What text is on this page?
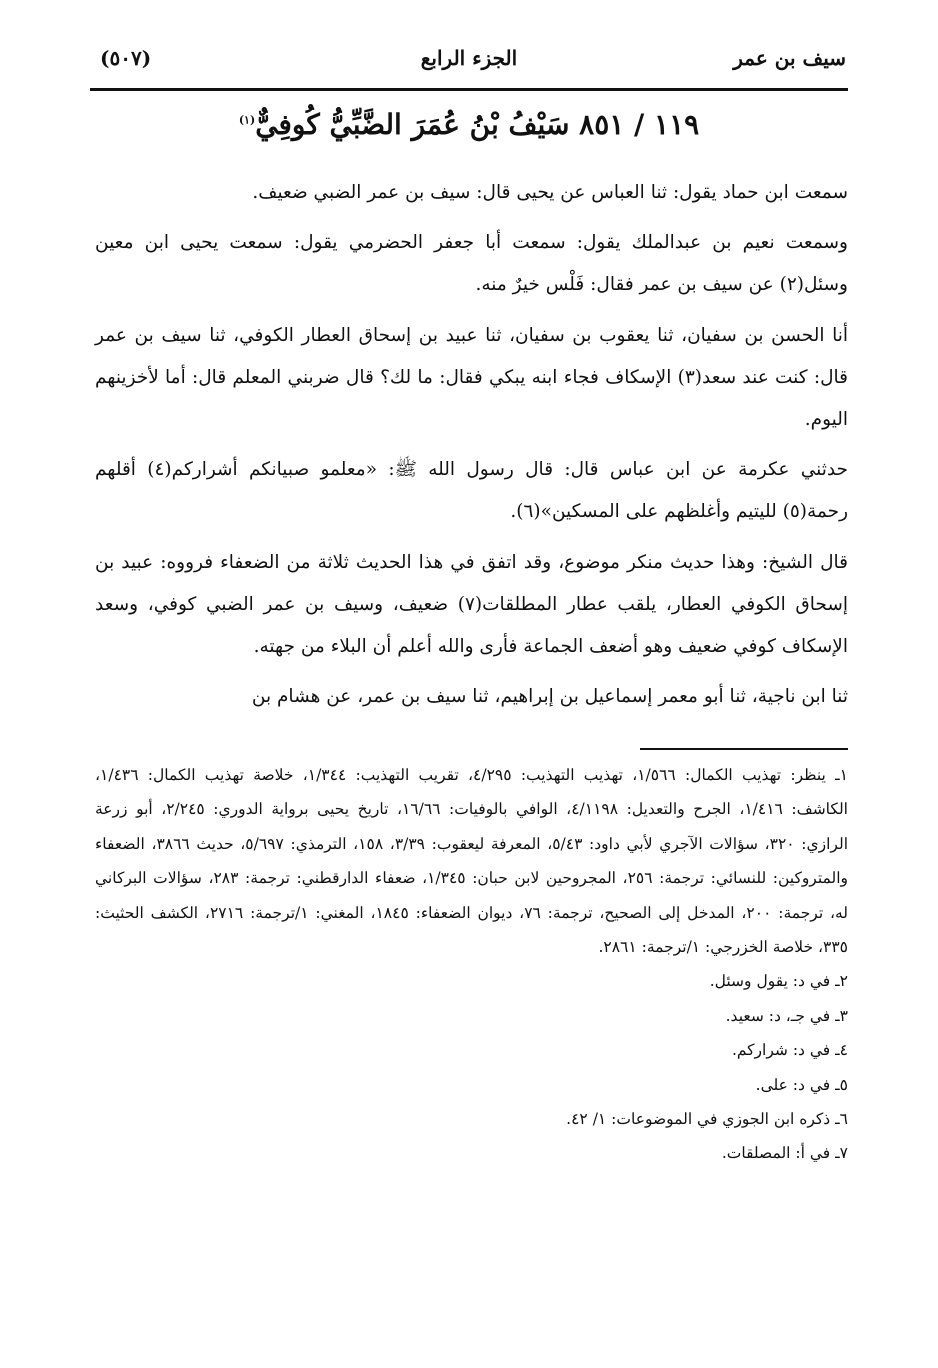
سيف بن عمر
الجزء الرابع
(٥٠٧)
١١٩ / ٨٥١ سَيْفُ بْنُ عُمَرَ الضَّبِّيُّ كُوفِيٌّ$^{(١)}$

سمعت ابن حماد يقول: ثنا العباس عن يحيى قال: سيف بن عمر الضبي ضعيف.

وسمعت نعيم بن عبدالملك يقول: سمعت أبا جعفر الحضرمي يقول: سمعت يحيى ابن معين وسئل(٢) عن سيف بن عمر فقال: فَلْس خيرٌ منه.

أنا الحسن بن سفيان، ثنا يعقوب بن سفيان، ثنا عبيد بن إسحاق العطار الكوفي، ثنا سيف بن عمر قال: كنت عند سعد(٣) الإسكاف فجاء ابنه يبكي فقال: ما لك؟ قال ضربني المعلم قال: أما لأخزينهم اليوم.

حدثني عكرمة عن ابن عباس قال: قال رسول الله ﷺ: «معلمو صبيانكم أشراركم(٤) أقلهم رحمة(٥) لليتيم وأغلظهم على المسكين»(٦).

قال الشيخ: وهذا حديث منكر موضوع، وقد اتفق في هذا الحديث ثلاثة من الضعفاء فرووه: عبيد بن إسحاق الكوفي العطار، يلقب عطار المطلقات(٧) ضعيف، وسيف بن عمر الضبي كوفي، وسعد الإسكاف كوفي ضعيف وهو أضعف الجماعة فأرى والله أعلم أن البلاء من جهته.

ثنا ابن ناجية، ثنا أبو معمر إسماعيل بن إبراهيم، ثنا سيف بن عمر، عن هشام بن

١ـ ينظر: تهذيب الكمال: ١/٥٦٦، تهذيب التهذيب: ٤/٢٩٥، تقريب التهذيب: ١/٣٤٤، خلاصة تهذيب الكمال: ١/٤٣٦، الكاشف: ١/٤١٦، الجرح والتعديل: ٤/١١٩٨، الوافي بالوفيات: ١٦/٦٦، تاريخ يحيى برواية الدوري: ٢/٢٤٥، أبو زرعة الرازي: ٣٢٠، سؤالات الآجري لأبي داود: ٥/٤٣، المعرفة ليعقوب: ٣/٣٩، ١٥٨، الترمذي: ٥/٦٩٧، حديث ٣٨٦٦، الضعفاء والمتروكين: للنسائي: ترجمة: ٢٥٦، المجروحين لابن حبان: ١/٣٤٥، ضعفاء الدارقطني: ترجمة: ٢٨٣، سؤالات البركاني له، ترجمة: ٢٠٠، المدخل إلى الصحيح، ترجمة: ٧٦، ديوان الضعفاء: ١٨٤٥، المغني: ١/ترجمة: ٢٧١٦، الكشف الحثيث: ٣٣٥، خلاصة الخزرجي: ١/ترجمة: ٢٨٦١.

٢ـ في د: يقول وسئل.

٣ـ في جـ، د: سعيد.

٤ـ في د: شراركم.

٥ـ في د: على.

٦ـ ذكره ابن الجوزي في الموضوعات: ١/ ٤٢.

٧ـ في أ: المصلقات.
